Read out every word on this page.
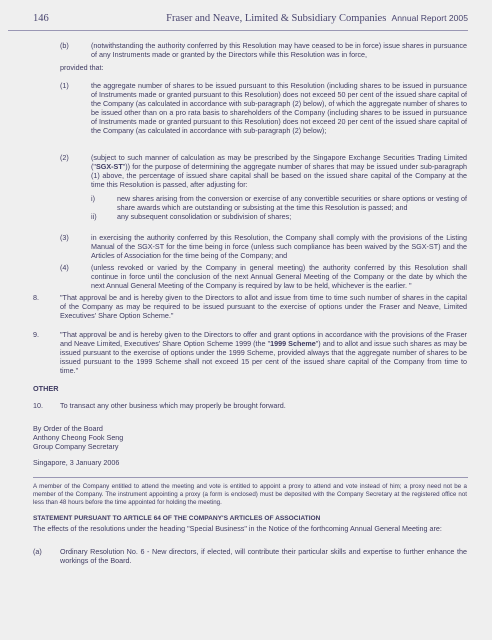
146	Fraser and Neave, Limited & Subsidiary Companies Annual Report 2005
(b)	(notwithstanding the authority conferred by this Resolution may have ceased to be in force) issue shares in pursuance of any Instruments made or granted by the Directors while this Resolution was in force,
provided that:
(1)	the aggregate number of shares to be issued pursuant to this Resolution (including shares to be issued in pursuance of Instruments made or granted pursuant to this Resolution) does not exceed 50 per cent of the issued share capital of the Company (as calculated in accordance with sub-paragraph (2) below), of which the aggregate number of shares to be issued other than on a pro rata basis to shareholders of the Company (including shares to be issued in pursuance of Instruments made or granted pursuant to this Resolution) does not exceed 20 per cent of the issued share capital of the Company (as calculated in accordance with sub-paragraph (2) below);
(2)	(subject to such manner of calculation as may be prescribed by the Singapore Exchange Securities Trading Limited ("SGX-ST")) for the purpose of determining the aggregate number of shares that may be issued under sub-paragraph (1) above, the percentage of issued share capital shall be based on the issued share capital of the Company at the time this Resolution is passed, after adjusting for:
i)	new shares arising from the conversion or exercise of any convertible securities or share options or vesting of share awards which are outstanding or subsisting at the time this Resolution is passed; and
ii)	any subsequent consolidation or subdivision of shares;
(3)	in exercising the authority conferred by this Resolution, the Company shall comply with the provisions of the Listing Manual of the SGX-ST for the time being in force (unless such compliance has been waived by the SGX-ST) and the Articles of Association for the time being of the Company; and
(4)	(unless revoked or varied by the Company in general meeting) the authority conferred by this Resolution shall continue in force until the conclusion of the next Annual General Meeting of the Company or the date by which the next Annual General Meeting of the Company is required by law to be held, whichever is the earlier. "
8.	"That approval be and is hereby given to the Directors to allot and issue from time to time such number of shares in the capital of the Company as may be required to be issued pursuant to the exercise of options under the Fraser and Neave, Limited Executives' Share Option Scheme."
9.	"That approval be and is hereby given to the Directors to offer and grant options in accordance with the provisions of the Fraser and Neave Limited, Executives' Share Option Scheme 1999 (the "1999 Scheme") and to allot and issue such shares as may be issued pursuant to the exercise of options under the 1999 Scheme, provided always that the aggregate number of shares to be issued pursuant to the 1999 Scheme shall not exceed 15 per cent of the issued share capital of the Company from time to time."
OTHER
10. To transact any other business which may properly be brought forward.
By Order of the Board
Anthony Cheong Fook Seng
Group Company Secretary
Singapore, 3 January 2006
A member of the Company entitled to attend the meeting and vote is entitled to appoint a proxy to attend and vote instead of him; a proxy need not be a member of the Company. The instrument appointing a proxy (a form is enclosed) must be deposited with the Company Secretary at the registered office not less than 48 hours before the time appointed for holding the meeting.
STATEMENT PURSUANT TO ARTICLE 64 OF THE COMPANY'S ARTICLES OF ASSOCIATION
The effects of the resolutions under the heading "Special Business" in the Notice of the forthcoming Annual General Meeting are:
(a)	Ordinary Resolution No. 6 - New directors, if elected, will contribute their particular skills and expertise to further enhance the workings of the Board.
